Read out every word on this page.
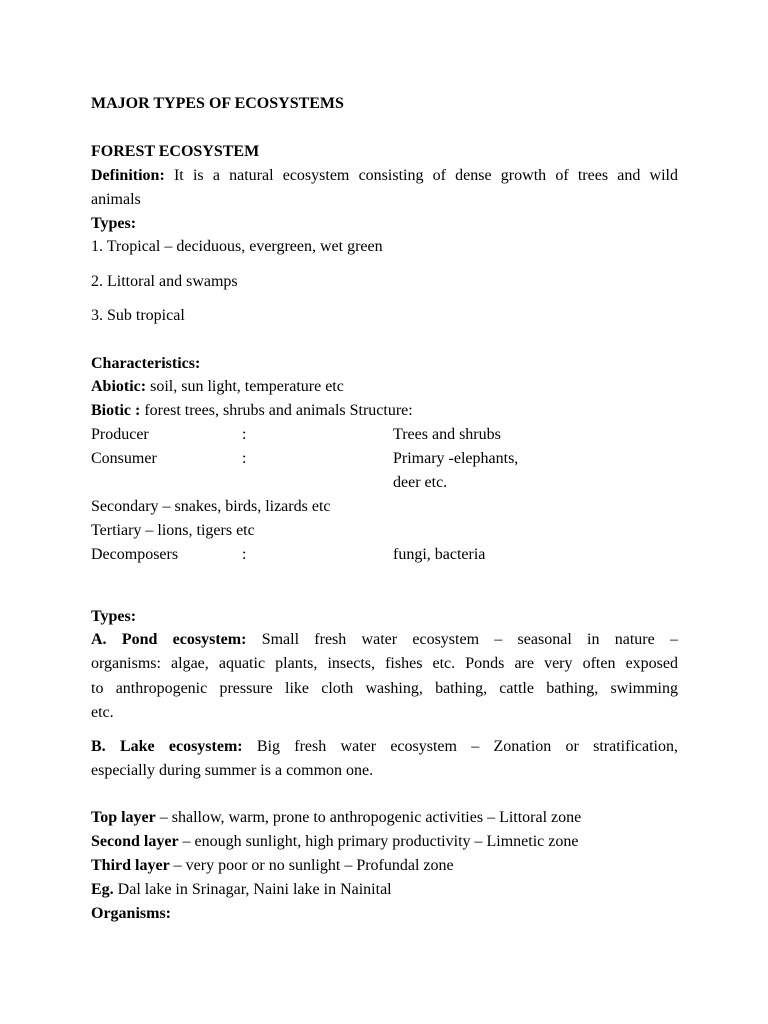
MAJOR TYPES OF ECOSYSTEMS
FOREST ECOSYSTEM
Definition: It is a natural ecosystem consisting of dense growth of trees and wild
animals
Types:
1. Tropical – deciduous, evergreen, wet green
2. Littoral and swamps
3. Sub tropical
Characteristics:
Abiotic: soil, sun light, temperature etc
Biotic : forest trees, shrubs and animals Structure:
Producer	:	Trees and shrubs
Consumer	:	Primary -elephants,
deer etc.
Secondary – snakes, birds, lizards etc
Tertiary – lions, tigers etc
Decomposers	:	fungi, bacteria
Types:
A. Pond ecosystem: Small fresh water ecosystem – seasonal in nature –
organisms: algae, aquatic plants, insects, fishes etc. Ponds are very often exposed
to anthropogenic pressure like cloth washing, bathing, cattle bathing, swimming
etc.
B. Lake ecosystem: Big fresh water ecosystem – Zonation or stratification,
especially during summer is a common one.
Top layer – shallow, warm, prone to anthropogenic activities – Littoral zone
Second layer – enough sunlight, high primary productivity – Limnetic zone
Third layer – very poor or no sunlight – Profundal zone
Eg. Dal lake in Srinagar, Naini lake in Nainital
Organisms:
